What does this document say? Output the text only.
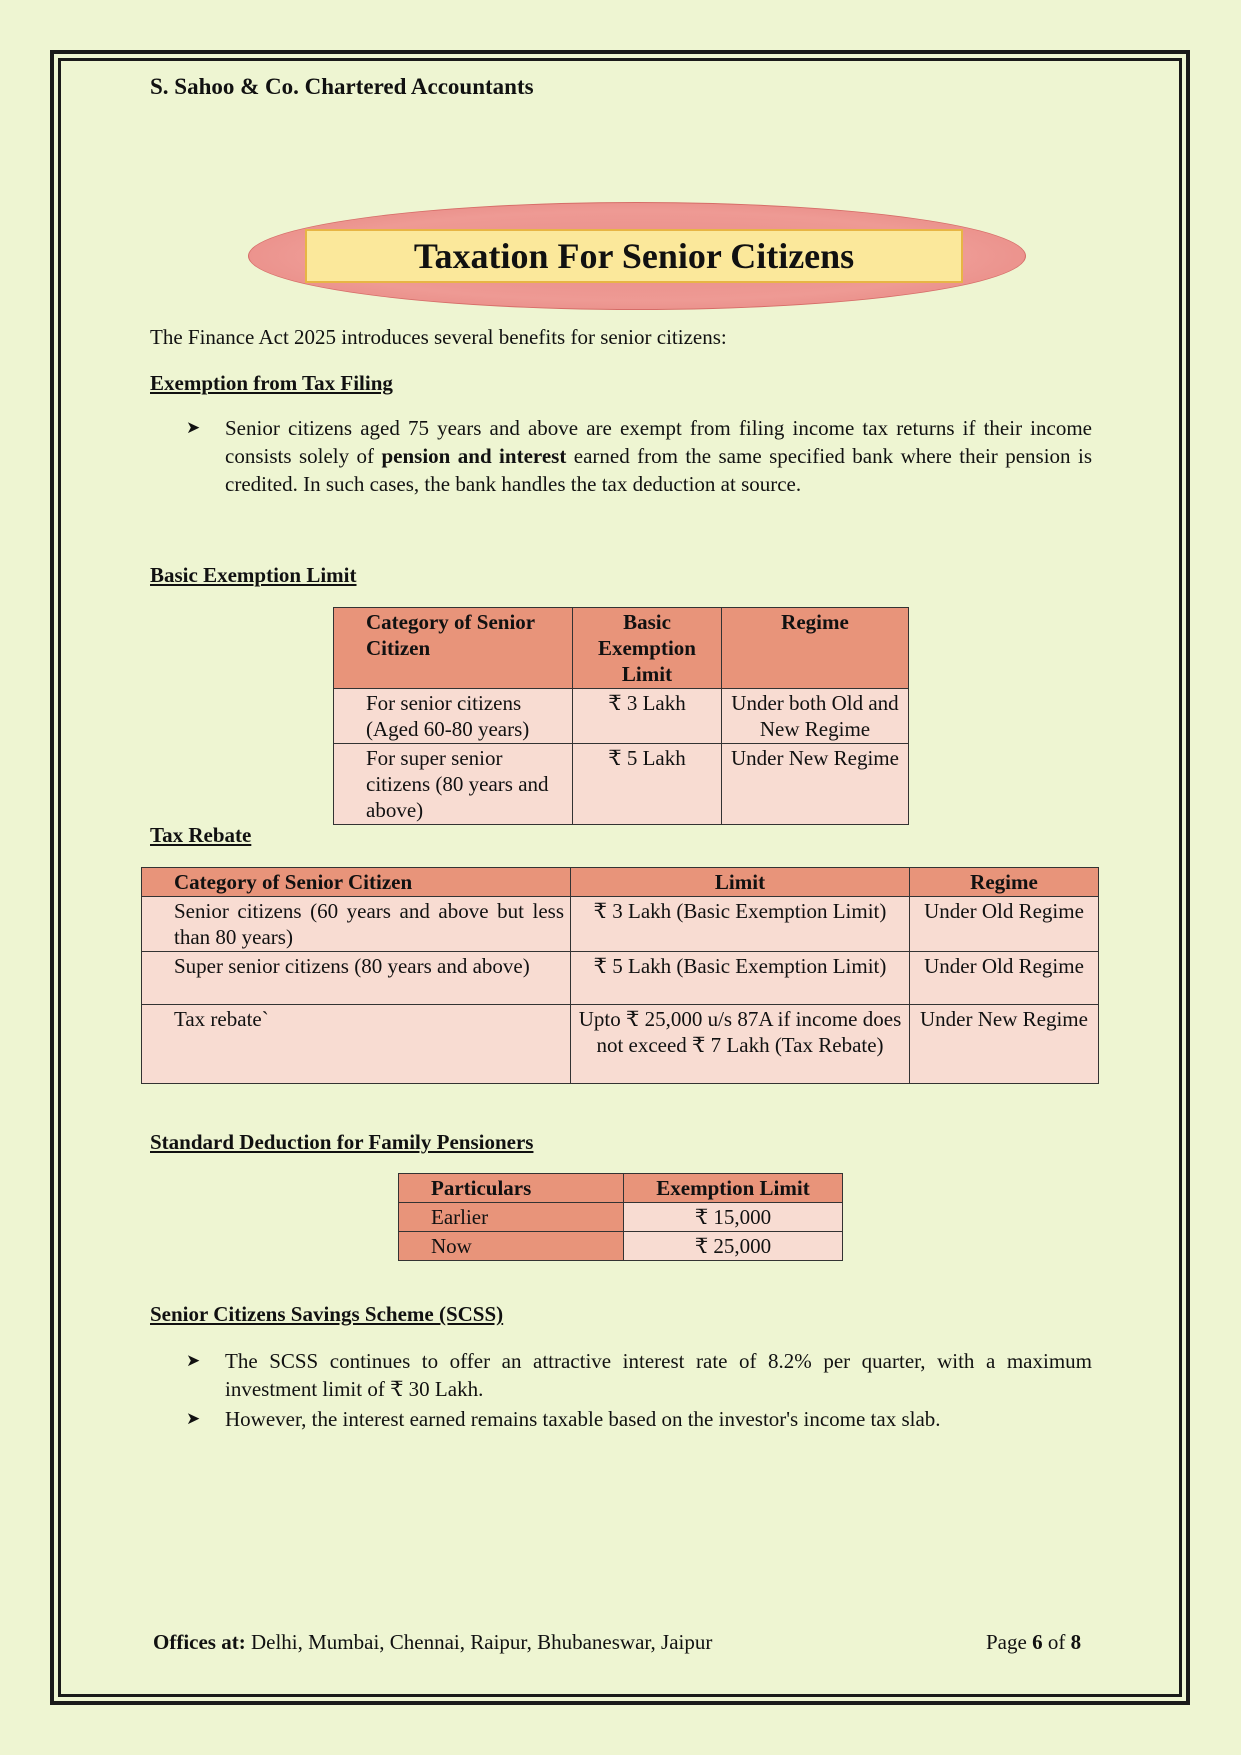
S. Sahoo & Co. Chartered Accountants
Taxation For Senior Citizens
The Finance Act 2025 introduces several benefits for senior citizens:
Exemption from Tax Filing
➤ Senior citizens aged 75 years and above are exempt from filing income tax returns if their income consists solely of pension and interest earned from the same specified bank where their pension is credited. In such cases, the bank handles the tax deduction at source.
Basic Exemption Limit
Category of Senior Citizen	Basic Exemption Limit	Regime
For senior citizens (Aged 60-80 years)	₹ 3 Lakh	Under both Old and New Regime
For super senior citizens (80 years and above)	₹ 5 Lakh	Under New Regime
Tax Rebate
Category of Senior Citizen	Limit	Regime
Senior citizens (60 years and above but less than 80 years)	₹ 3 Lakh (Basic Exemption Limit)	Under Old Regime
Super senior citizens (80 years and above)	₹ 5 Lakh (Basic Exemption Limit)	Under Old Regime
Tax rebate`	Upto ₹ 25,000 u/s 87A if income does not exceed ₹ 7 Lakh (Tax Rebate)	Under New Regime
Standard Deduction for Family Pensioners
Particulars	Exemption Limit
Earlier	₹ 15,000
Now	₹ 25,000
Senior Citizens Savings Scheme (SCSS)
➤ The SCSS continues to offer an attractive interest rate of 8.2% per quarter, with a maximum investment limit of ₹ 30 Lakh.
➤ However, the interest earned remains taxable based on the investor's income tax slab.
Offices at: Delhi, Mumbai, Chennai, Raipur, Bhubaneswar, Jaipur	Page 6 of 8
